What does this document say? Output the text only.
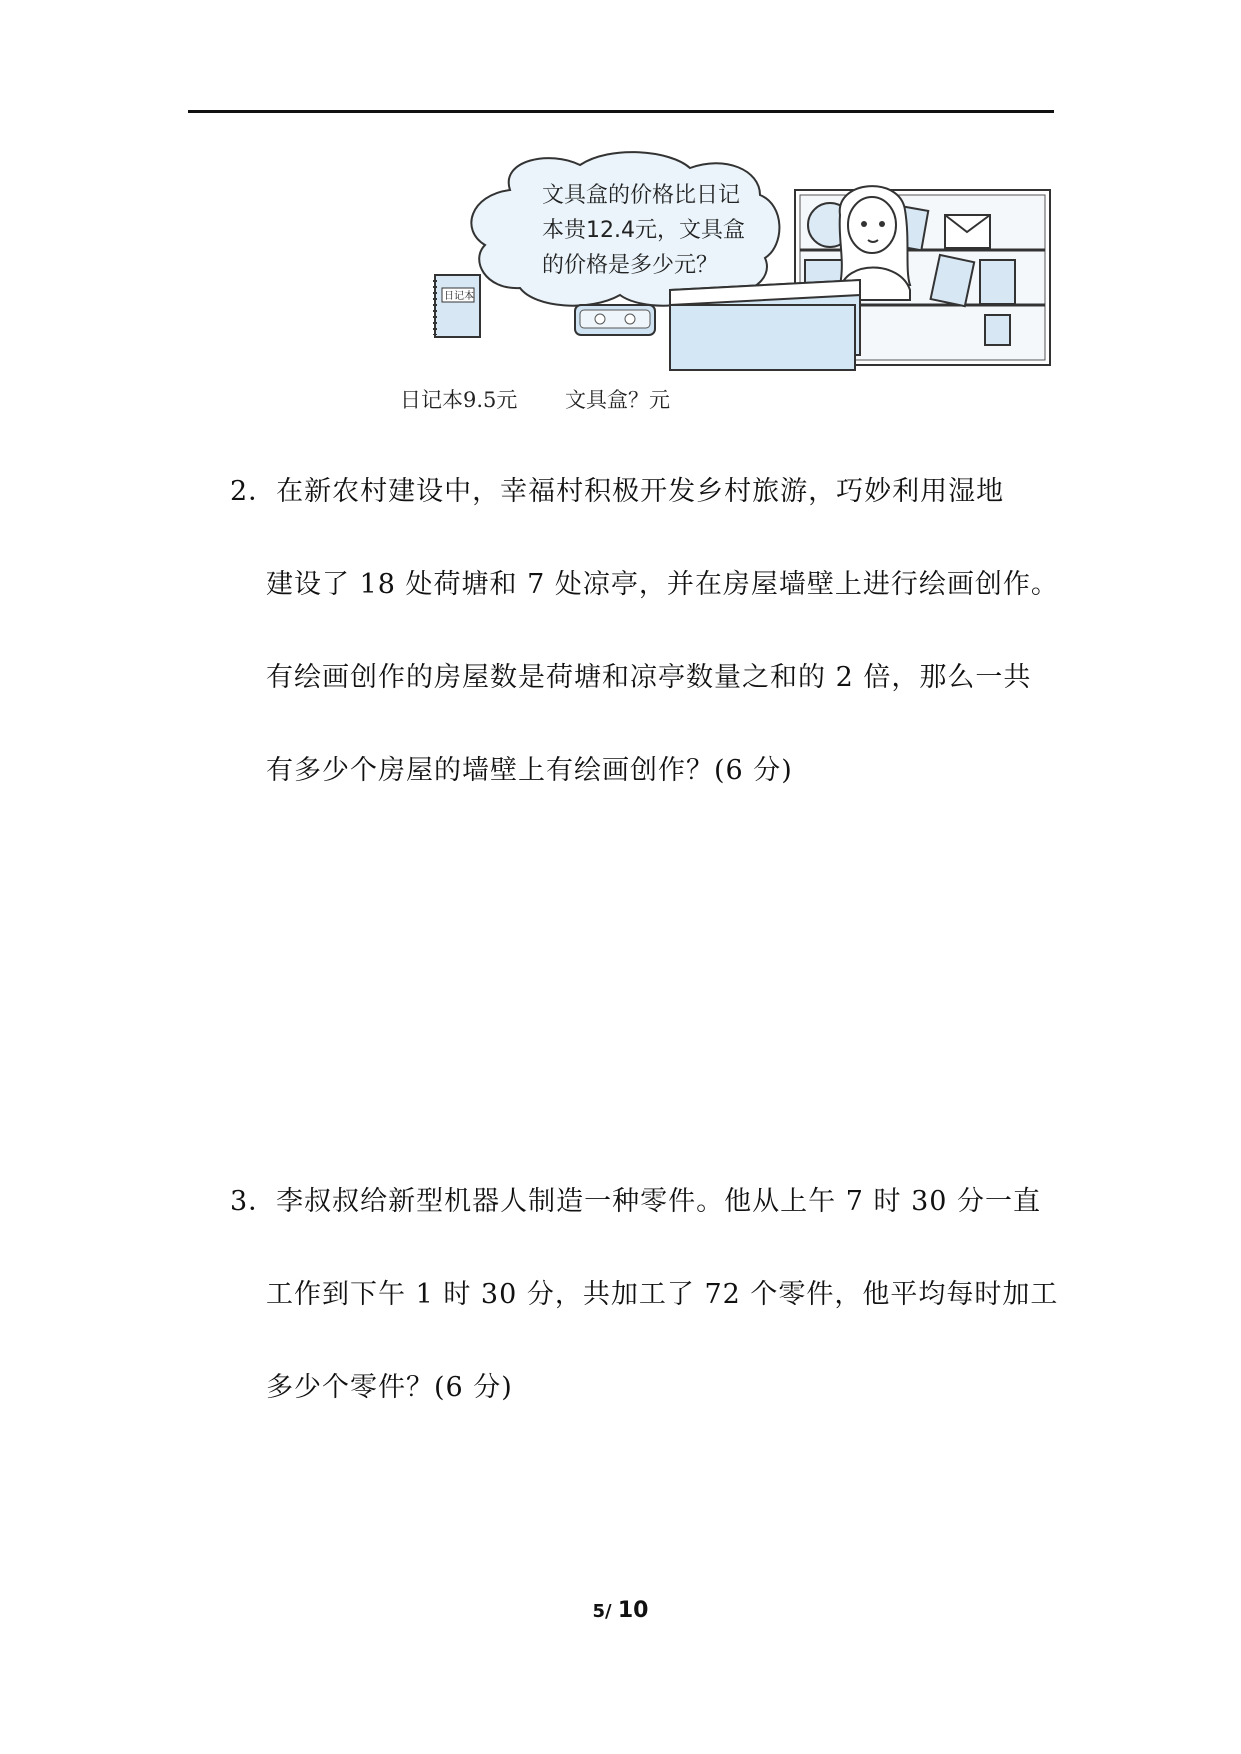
文具盒的价格比日记
本贵12.4元，文具盒
的价格是多少元？
日记本
日记本9.5元 文具盒？元
2．在新农村建设中，幸福村积极开发乡村旅游，巧妙利用湿地
建设了 18 处荷塘和 7 处凉亭，并在房屋墙壁上进行绘画创作。
有绘画创作的房屋数是荷塘和凉亭数量之和的 2 倍，那么一共
有多少个房屋的墙壁上有绘画创作？(6 分)
3．李叔叔给新型机器人制造一种零件。他从上午 7 时 30 分一直
工作到下午 1 时 30 分，共加工了 72 个零件，他平均每时加工
多少个零件？(6 分)
5/ 10
